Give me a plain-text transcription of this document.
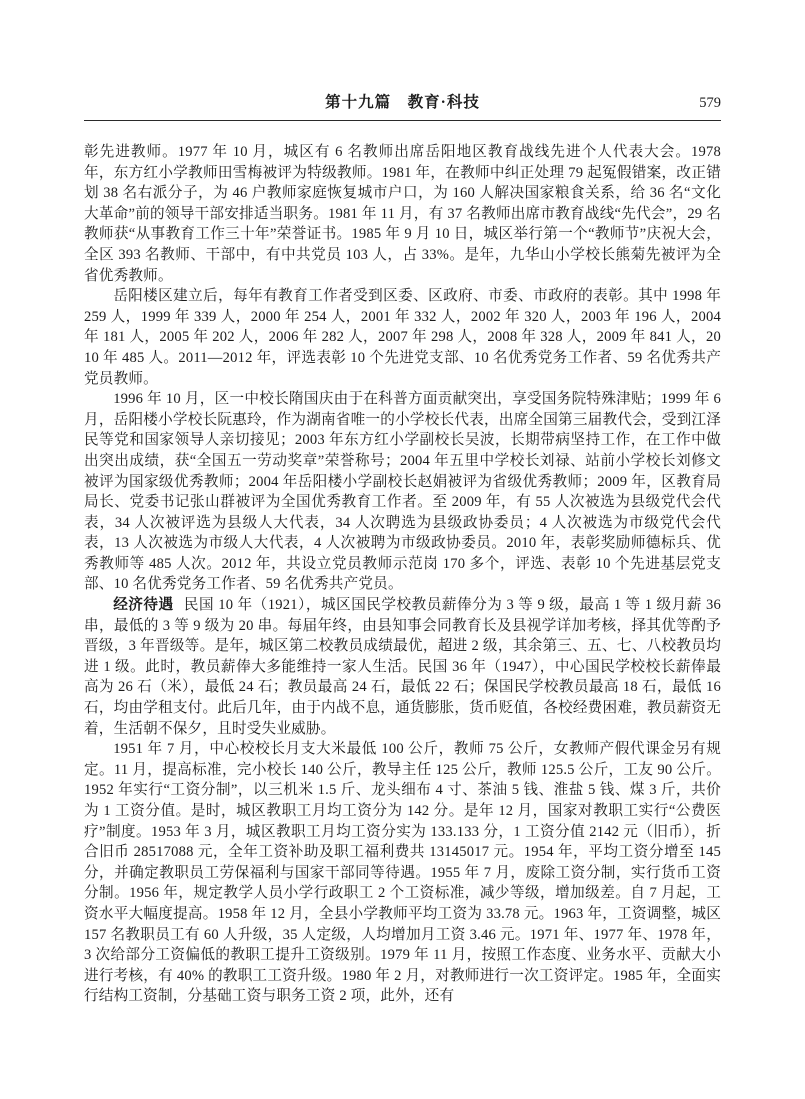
第十九篇　教育·科技	579

彰先进教师。1977 年 10 月，城区有 6 名教师出席岳阳地区教育战线先进个人代表大会。1978 年，东方红小学教师田雪梅被评为特级教师。1981 年，在教师中纠正处理 79 起冤假错案，改正错划 38 名右派分子，为 46 户教师家庭恢复城市户口，为 160 人解决国家粮食关系，给 36 名“文化大革命”前的领导干部安排适当职务。1981 年 11 月，有 37 名教师出席市教育战线“先代会”，29 名教师获“从事教育工作三十年”荣誉证书。1985 年 9 月 10 日，城区举行第一个“教师节”庆祝大会，全区 393 名教师、干部中，有中共党员 103 人，占 33%。是年，九华山小学校长熊菊先被评为全省优秀教师。

岳阳楼区建立后，每年有教育工作者受到区委、区政府、市委、市政府的表彰。其中 1998 年 259 人，1999 年 339 人，2000 年 254 人，2001 年 332 人，2002 年 320 人，2003 年 196 人，2004 年 181 人，2005 年 202 人，2006 年 282 人，2007 年 298 人，2008 年 328 人，2009 年 841 人，2010 年 485 人。2011—2012 年，评选表彰 10 个先进党支部、10 名优秀党务工作者、59 名优秀共产党员教师。

1996 年 10 月，区一中校长隋国庆由于在科普方面贡献突出，享受国务院特殊津贴；1999 年 6 月，岳阳楼小学校长阮惠玲，作为湖南省唯一的小学校长代表，出席全国第三届教代会，受到江泽民等党和国家领导人亲切接见；2003 年东方红小学副校长吴波，长期带病坚持工作，在工作中做出突出成绩，获“全国五一劳动奖章”荣誉称号；2004 年五里中学校长刘禄、站前小学校长刘修文被评为国家级优秀教师；2004 年岳阳楼小学副校长赵娟被评为省级优秀教师；2009 年，区教育局局长、党委书记张山群被评为全国优秀教育工作者。至 2009 年，有 55 人次被选为县级党代会代表，34 人次被评选为县级人大代表，34 人次聘选为县级政协委员；4 人次被选为市级党代会代表，13 人次被选为市级人大代表，4 人次被聘为市级政协委员。2010 年，表彰奖励师德标兵、优秀教师等 485 人次。2012 年，共设立党员教师示范岗 170 多个，评选、表彰 10 个先进基层党支部、10 名优秀党务工作者、59 名优秀共产党员。

经济待遇 民国 10 年（1921），城区国民学校教员薪俸分为 3 等 9 级，最高 1 等 1 级月薪 36 串，最低的 3 等 9 级为 20 串。每届年终，由县知事会同教育长及县视学详加考核，择其优等酌予晋级，3 年晋级等。是年，城区第二校教员成绩最优，超进 2 级，其余第三、五、七、八校教员均进 1 级。此时，教员薪俸大多能维持一家人生活。民国 36 年（1947），中心国民学校校长薪俸最高为 26 石（米），最低 24 石；教员最高 24 石，最低 22 石；保国民学校教员最高 18 石，最低 16 石，均由学租支付。此后几年，由于内战不息，通货膨胀，货币贬值，各校经费困难，教员薪资无着，生活朝不保夕，且时受失业威胁。

1951 年 7 月，中心校校长月支大米最低 100 公斤，教师 75 公斤，女教师产假代课金另有规定。11 月，提高标准，完小校长 140 公斤，教导主任 125 公斤，教师 125.5 公斤，工友 90 公斤。1952 年实行“工资分制”，以三机米 1.5 斤、龙头细布 4 寸、茶油 5 钱、淮盐 5 钱、煤 3 斤，共价为 1 工资分值。是时，城区教职工月均工资分为 142 分。是年 12 月，国家对教职工实行“公费医疗”制度。1953 年 3 月，城区教职工月均工资分实为 133.133 分，1 工资分值 2142 元（旧币），折合旧币 28517088 元，全年工资补助及职工福利费共 13145017 元。1954 年，平均工资分增至 145 分，并确定教职员工劳保福利与国家干部同等待遇。1955 年 7 月，废除工资分制，实行货币工资分制。1956 年，规定教学人员小学行政职工 2 个工资标准，减少等级，增加级差。自 7 月起，工资水平大幅度提高。1958 年 12 月，全县小学教师平均工资为 33.78 元。1963 年，工资调整，城区 157 名教职员工有 60 人升级，35 人定级，人均增加月工资 3.46 元。1971 年、1977 年、1978 年，3 次给部分工资偏低的教职工提升工资级别。1979 年 11 月，按照工作态度、业务水平、贡献大小进行考核，有 40% 的教职工工资升级。1980 年 2 月，对教师进行一次工资评定。1985 年，全面实行结构工资制，分基础工资与职务工资 2 项，此外，还有
